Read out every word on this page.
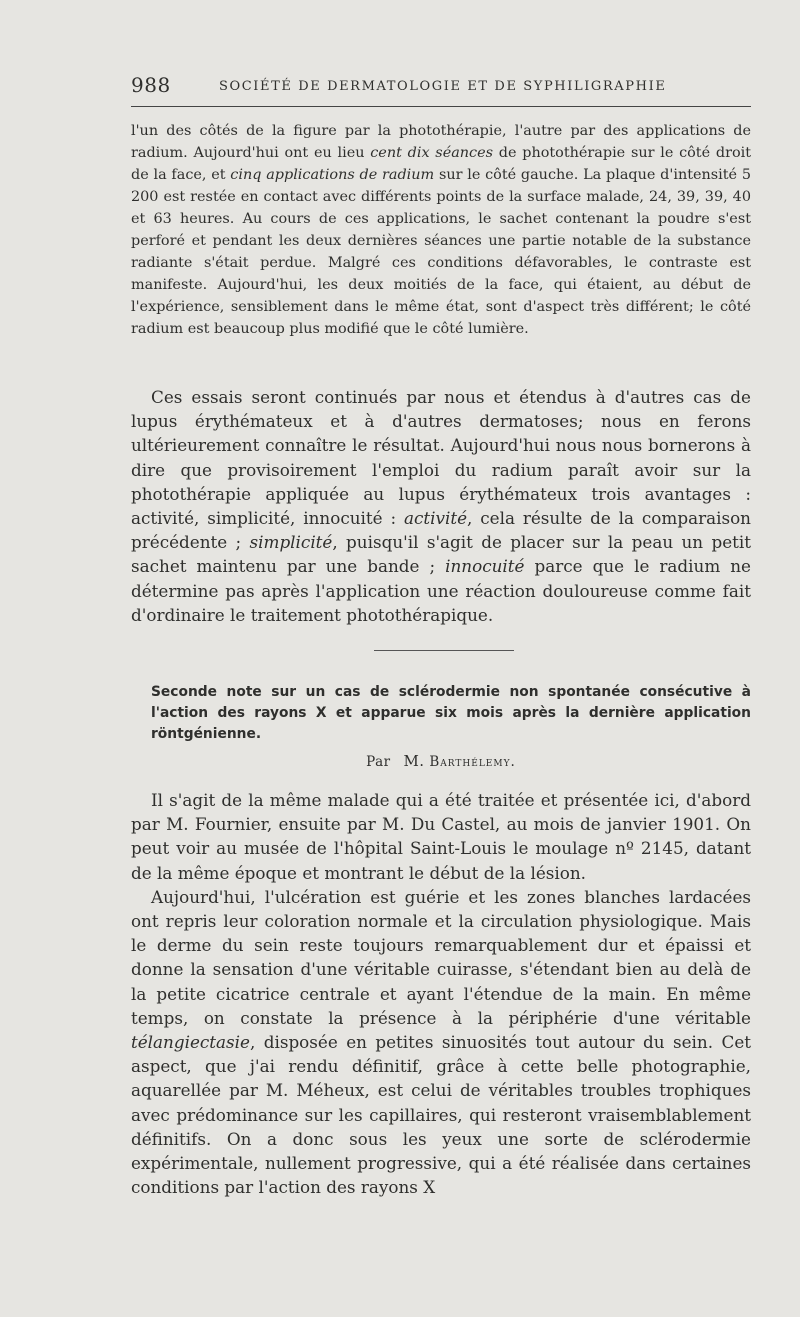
988	SOCIÉTÉ DE DERMATOLOGIE ET DE SYPHILIGRAPHIE

l'un des côtés de la figure par la photothérapie, l'autre par des applications de radium. Aujourd'hui ont eu lieu cent dix séances de photothérapie sur le côté droit de la face, et cinq applications de radium sur le côté gauche. La plaque d'intensité 5 200 est restée en contact avec différents points de la surface malade, 24, 39, 39, 40 et 63 heures. Au cours de ces applications, le sachet contenant la poudre s'est perforé et pendant les deux dernières séances une partie notable de la substance radiante s'était perdue. Malgré ces conditions défavorables, le contraste est manifeste. Aujourd'hui, les deux moitiés de la face, qui étaient, au début de l'expérience, sensiblement dans le même état, sont d'aspect très différent; le côté radium est beaucoup plus modifié que le côté lumière.

Ces essais seront continués par nous et étendus à d'autres cas de lupus érythémateux et à d'autres dermatoses; nous en ferons ultérieurement connaître le résultat. Aujourd'hui nous nous bornerons à dire que provisoirement l'emploi du radium paraît avoir sur la photothérapie appliquée au lupus érythémateux trois avantages : activité, simplicité, innocuité : activité, cela résulte de la comparaison précédente ; simplicité, puisqu'il s'agit de placer sur la peau un petit sachet maintenu par une bande ; innocuité parce que le radium ne détermine pas après l'application une réaction douloureuse comme fait d'ordinaire le traitement photothérapique.

Seconde note sur un cas de sclérodermie non spontanée consécutive à l'action des rayons X et apparue six mois après la dernière application röntgénienne.
Par M. Barthélemy.

Il s'agit de la même malade qui a été traitée et présentée ici, d'abord par M. Fournier, ensuite par M. Du Castel, au mois de janvier 1901. On peut voir au musée de l'hôpital Saint-Louis le moulage nº 2145, datant de la même époque et montrant le début de la lésion.

Aujourd'hui, l'ulcération est guérie et les zones blanches lardacées ont repris leur coloration normale et la circulation physiologique. Mais le derme du sein reste toujours remarquablement dur et épaissi et donne la sensation d'une véritable cuirasse, s'étendant bien au delà de la petite cicatrice centrale et ayant l'étendue de la main. En même temps, on constate la présence à la périphérie d'une véritable télangiectasie, disposée en petites sinuosités tout autour du sein. Cet aspect, que j'ai rendu définitif, grâce à cette belle photographie, aquarellée par M. Méheux, est celui de véritables troubles trophiques avec prédominance sur les capillaires, qui resteront vraisemblablement définitifs. On a donc sous les yeux une sorte de sclérodermie expérimentale, nullement progressive, qui a été réalisée dans certaines conditions par l'action des rayons X
